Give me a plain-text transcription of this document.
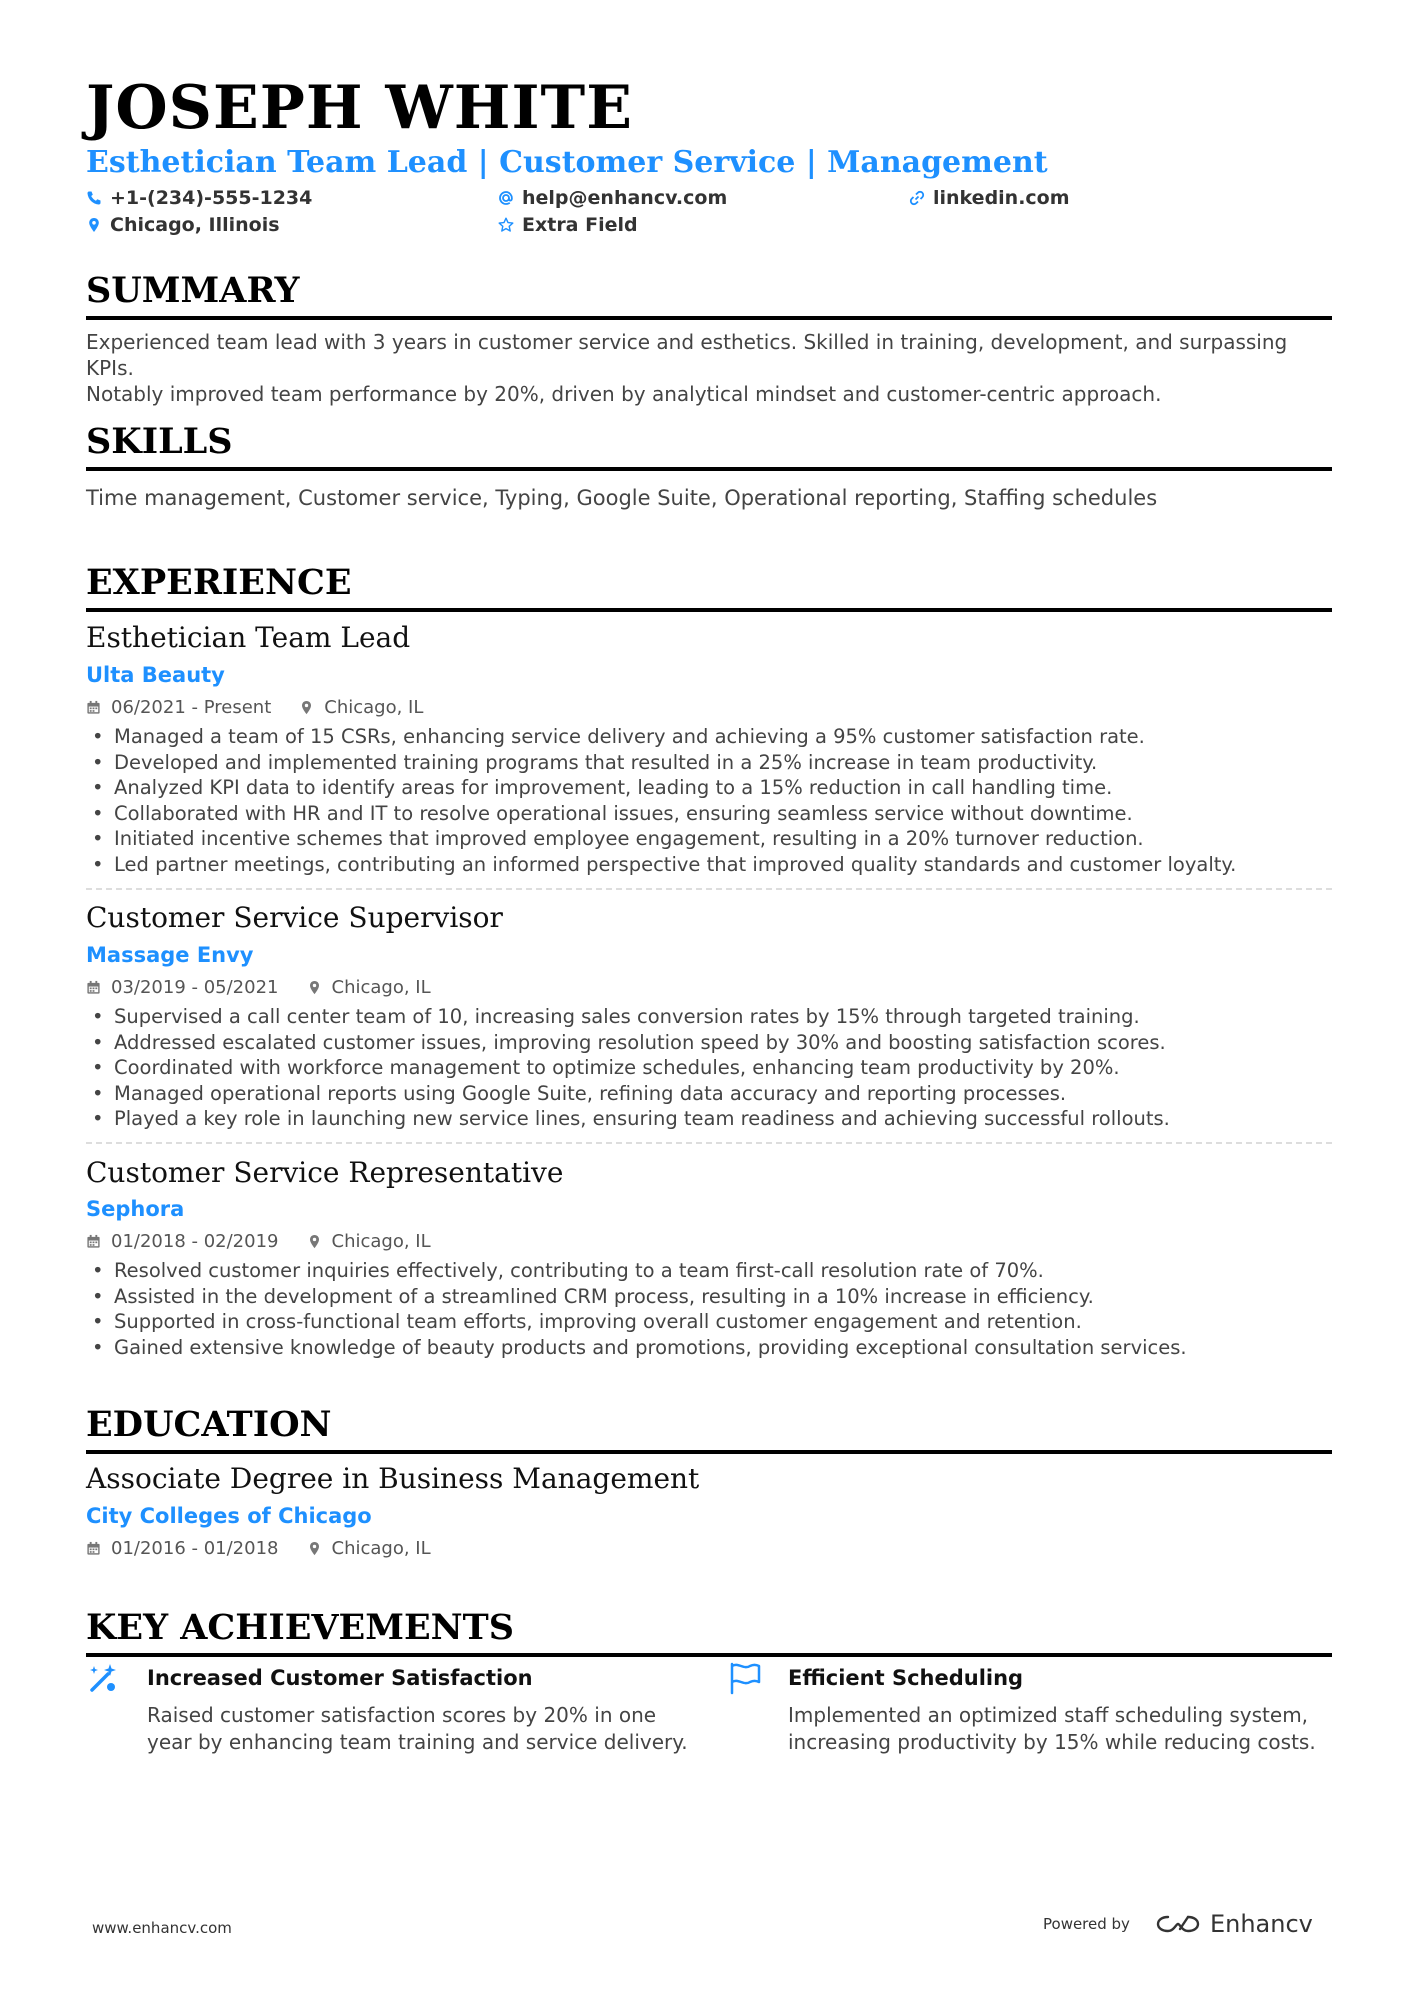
JOSEPH WHITE
Esthetician Team Lead | Customer Service | Management
+1-(234)-555-1234	help@enhancv.com	linkedin.com
Chicago, Illinois	Extra Field
SUMMARY
Experienced team lead with 3 years in customer service and esthetics. Skilled in training, development, and surpassing KPIs.
Notably improved team performance by 20%, driven by analytical mindset and customer-centric approach.
SKILLS
Time management, Customer service, Typing, Google Suite, Operational reporting, Staffing schedules
EXPERIENCE
Esthetician Team Lead
Ulta Beauty
06/2021 - Present	Chicago, IL
• Managed a team of 15 CSRs, enhancing service delivery and achieving a 95% customer satisfaction rate.
• Developed and implemented training programs that resulted in a 25% increase in team productivity.
• Analyzed KPI data to identify areas for improvement, leading to a 15% reduction in call handling time.
• Collaborated with HR and IT to resolve operational issues, ensuring seamless service without downtime.
• Initiated incentive schemes that improved employee engagement, resulting in a 20% turnover reduction.
• Led partner meetings, contributing an informed perspective that improved quality standards and customer loyalty.
Customer Service Supervisor
Massage Envy
03/2019 - 05/2021	Chicago, IL
• Supervised a call center team of 10, increasing sales conversion rates by 15% through targeted training.
• Addressed escalated customer issues, improving resolution speed by 30% and boosting satisfaction scores.
• Coordinated with workforce management to optimize schedules, enhancing team productivity by 20%.
• Managed operational reports using Google Suite, refining data accuracy and reporting processes.
• Played a key role in launching new service lines, ensuring team readiness and achieving successful rollouts.
Customer Service Representative
Sephora
01/2018 - 02/2019	Chicago, IL
• Resolved customer inquiries effectively, contributing to a team first-call resolution rate of 70%.
• Assisted in the development of a streamlined CRM process, resulting in a 10% increase in efficiency.
• Supported in cross-functional team efforts, improving overall customer engagement and retention.
• Gained extensive knowledge of beauty products and promotions, providing exceptional consultation services.
EDUCATION
Associate Degree in Business Management
City Colleges of Chicago
01/2016 - 01/2018	Chicago, IL
KEY ACHIEVEMENTS
Increased Customer Satisfaction
Raised customer satisfaction scores by 20% in one year by enhancing team training and service delivery.
Efficient Scheduling
Implemented an optimized staff scheduling system, increasing productivity by 15% while reducing costs.
www.enhancv.com	Powered by	Enhancv
